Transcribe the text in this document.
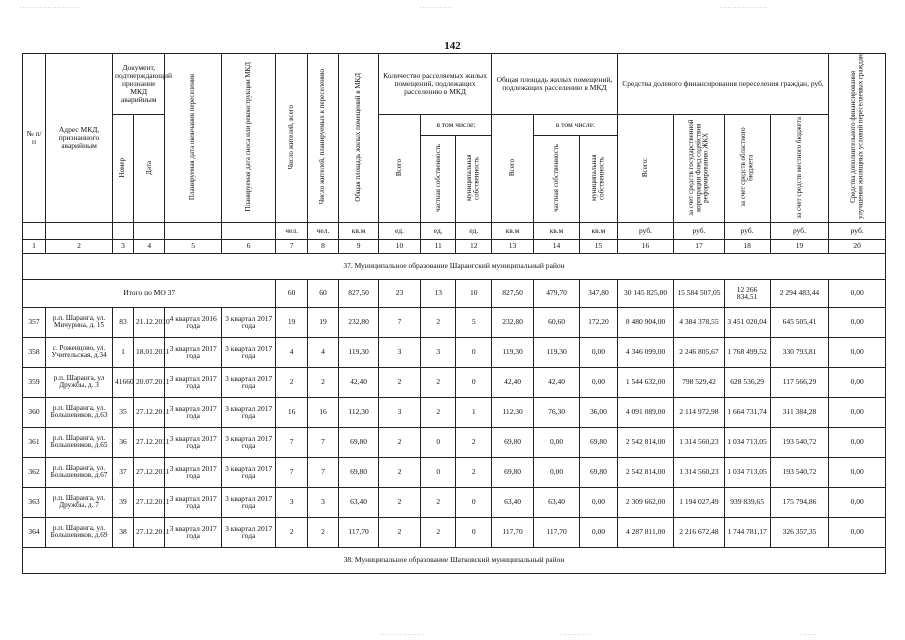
........................	.............	...................
142
№ п/п	Адрес МКД, признанного аварийным	Документ, подтверждающий признание МКД аварийным		Планируемая дата окончания переселения	Планируемая дата сноса или реконструкции МКД	Число жителей, всего	Число жителей, планируемых к переселению	Общая площадь жилых помещений в МКД	Количество расселяемых жилых помещений, подлежащих расселению в МКД			Общая площадь жилых помещений, подлежащих расселению в МКД			Средства долевого финансирования переселения граждан, руб.				Средства дополнительного финансирования улучшения жилищных условий переселяемых граждан
		Номер	Дата						Всего	в том числе:		Всего	в том числе:		Всего:	за счет средств государственной корпорации Фонд содействия реформированию ЖКХ	за счет средств областного бюджета	за счет средств местного бюджета	
										частная собственность	муниципальная собственность		частная собственность	муниципальная собственность					
						чел.	чел.	кв.м	ед.	ед.	ед.	кв.м	кв.м	кв.м	руб.	руб.	руб.	руб.	руб.
1	2	3	4	5	6	7	8	9	10	11	12	13	14	15	16	17	18	19	20
37. Муниципальное образование Шарангский муниципальный район																			
Итого по МО 37						60	60	827,50	23	13	10	827,50	479,70	347,80	30 145 825,00	15 584 507,05	12 266 834,51	2 294 483,44	0,00
357	р.п. Шаранга, ул. Мичурина, д. 15	83	21.12.2010	4 квартал 2016 года	3 квартал 2017 года	19	19	232,80	7	2	5	232,80	60,60	172,20	8 480 904,00	4 384 378,55	3 451 020,04	645 505,41	0,00
358	с. Роженцово, ул. Учительская, д.34	1	18.01.2011	3 квартал 2017 года	3 квартал 2017 года	4	4	119,30	3	3	0	119,30	119,30	0,00	4 346 099,00	2 246 805,67	1 768 499,52	330 793,81	0,00
359	р.п. Шаранга, ул Дружбы, д. 3	41660	20.07.2011	3 квартал 2017 года	3 квартал 2017 года	2	2	42,40	2	2	0	42,40	42,40	0,00	1 544 632,00	798 529,42	628 536,29	117 566,29	0,00
360	р.п. Шаранга, ул. Большевиков, д.63	35	27.12.2011	3 квартал 2017 года	3 квартал 2017 года	16	16	112,30	3	2	1	112,30	76,30	36,00	4 091 089,00	2 114 972,98	1 664 731,74	311 384,28	0,00
361	р.п. Шаранга, ул. Большевиков, д.65	36	27.12.2011	3 квартал 2017 года	3 квартал 2017 года	7	7	69,80	2	0	2	69,80	0,00	69,80	2 542 814,00	1 314 560,23	1 034 713,05	193 540,72	0,00
362	р.п. Шаранга, ул. Большевиков, д.67	37	27.12.2011	3 квартал 2017 года	3 квартал 2017 года	7	7	69,80	2	0	2	69,80	0,00	69,80	2 542 814,00	1 314 560,23	1 034 713,05	193 540,72	0,00
363	р.п. Шаранга, ул. Дружбы, д. 7	39	27.12.2011	3 квартал 2017 года	3 квартал 2017 года	3	3	63,40	2	2	0	63,40	63,40	0,00	2 309 662,00	1 194 027,49	939 839,65	175 794,86	0,00
364	р.п. Шаранга, ул. Большевиков, д.69	38	27.12.2011	3 квартал 2017 года	3 квартал 2017 года	2	2	117,70	2	2	0	117,70	117,70	0,00	4 287 811,00	2 216 672,48	1 744 781,17	326 357,35	0,00
38. Муниципальное образование Шатковский муниципальный район																			
..................	............	.......
